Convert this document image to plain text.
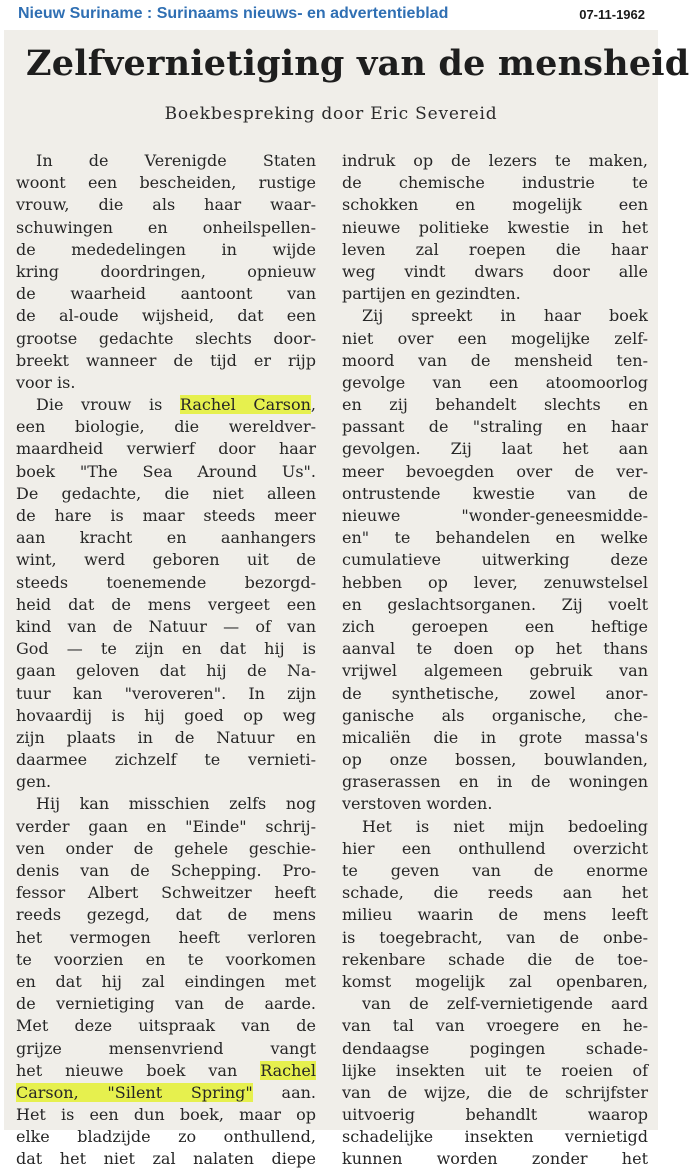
Nieuw Suriname : Surinaams nieuws- en advertentieblad	07-11-1962
Zelfvernietiging van de mensheid
Boekbespreking door Eric Severeid
In de Verenigde Staten
woont een bescheiden, rustige
vrouw, die als haar waar-
schuwingen en onheilspellen-
de mededelingen in wijde
kring doordringen, opnieuw
de waarheid aantoont van
de al-oude wijsheid, dat een
grootse gedachte slechts door-
breekt wanneer de tijd er rijp
voor is.
Die vrouw is Rachel Carson,
een biologie, die wereldver-
maardheid verwierf door haar
boek "The Sea Around Us".
De gedachte, die niet alleen
de hare is maar steeds meer
aan kracht en aanhangers
wint, werd geboren uit de
steeds toenemende bezorgd-
heid dat de mens vergeet een
kind van de Natuur — of van
God — te zijn en dat hij is
gaan geloven dat hij de Na-
tuur kan "veroveren". In zijn
hovaardij is hij goed op weg
zijn plaats in de Natuur en
daarmee zichzelf te vernieti-
gen.
Hij kan misschien zelfs nog
verder gaan en "Einde" schrij-
ven onder de gehele geschie-
denis van de Schepping. Pro-
fessor Albert Schweitzer heeft
reeds gezegd, dat de mens
het vermogen heeft verloren
te voorzien en te voorkomen
en dat hij zal eindingen met
de vernietiging van de aarde.
Met deze uitspraak van de
grijze mensenvriend vangt
het nieuwe boek van Rachel
Carson, "Silent Spring" aan.
Het is een dun boek, maar op
elke bladzijde zo onthullend,
dat het niet zal nalaten diepe
indruk op de lezers te maken,
de chemische industrie te
schokken en mogelijk een
nieuwe politieke kwestie in het
leven zal roepen die haar
weg vindt dwars door alle
partijen en gezindten.
Zij spreekt in haar boek
niet over een mogelijke zelf-
moord van de mensheid ten-
gevolge van een atoomoorlog
en zij behandelt slechts en
passant de "straling en haar
gevolgen. Zij laat het aan
meer bevoegden over de ver-
ontrustende kwestie van de
nieuwe "wonder-geneesmidde-
en" te behandelen en welke
cumulatieve uitwerking deze
hebben op lever, zenuwstelsel
en geslachtsorganen. Zij voelt
zich geroepen een heftige
aanval te doen op het thans
vrijwel algemeen gebruik van
de synthetische, zowel anor-
ganische als organische, che-
micaliën die in grote massa's
op onze bossen, bouwlanden,
graserassen en in de woningen
verstoven worden.
Het is niet mijn bedoeling
hier een onthullend overzicht
te geven van de enorme
schade, die reeds aan het
milieu waarin de mens leeft
is toegebracht, van de onbe-
rekenbare schade die de toe-
komst mogelijk zal openbaren,
van de zelf-vernietigende aard
van tal van vroegere en he-
dendaagse pogingen schade-
lijke insekten uit te roeien of
van de wijze, die de schrijfster
uitvoerig behandlt waarop
schadelijke insekten vernietigd
kunnen worden zonder het
